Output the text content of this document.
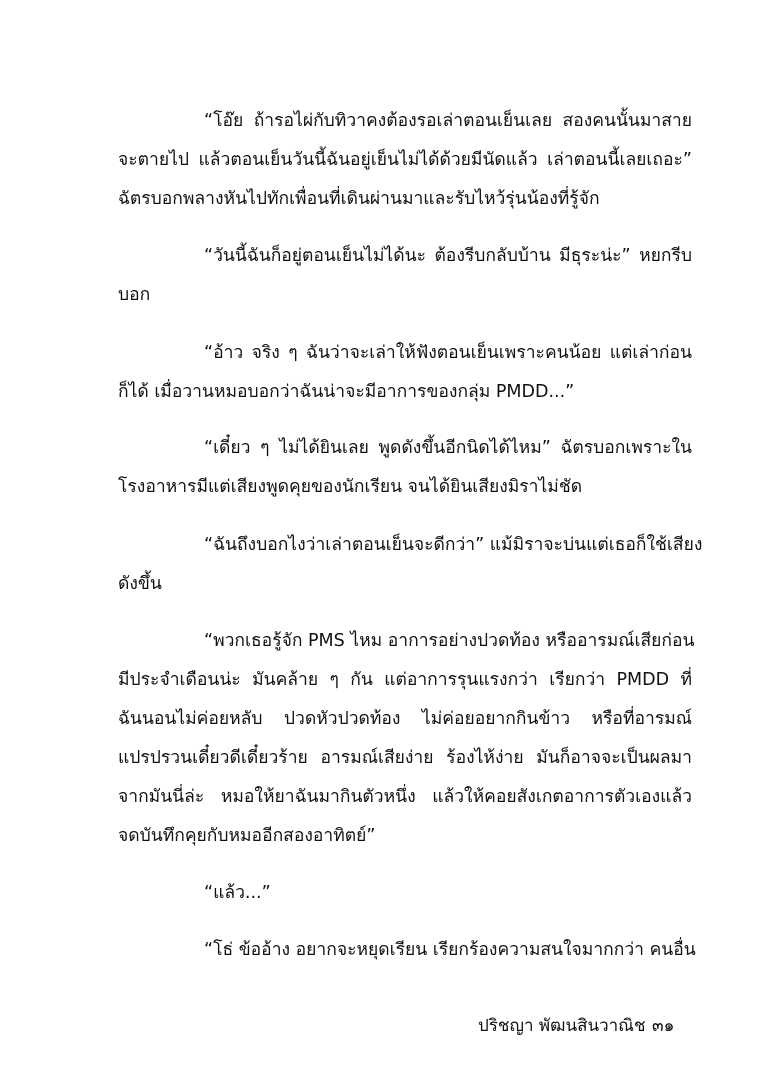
“โอ๊ย ถ้ารอไผ่กับทิวาคงต้องรอเล่าตอนเย็นเลย สองคนนั้นมาสาย

จะตายไป แล้วตอนเย็นวันนี้ฉันอยู่เย็นไม่ได้ด้วยมีนัดแล้ว เล่าตอนนี้เลยเถอะ”

ฉัตรบอกพลางหันไปทักเพื่อนที่เดินผ่านมาและรับไหว้รุ่นน้องที่รู้จัก

“วันนี้ฉันก็อยู่ตอนเย็นไม่ได้นะ ต้องรีบกลับบ้าน มีธุระน่ะ” หยกรีบ

บอก

“อ้าว จริง ๆ ฉันว่าจะเล่าให้ฟังตอนเย็นเพราะคนน้อย แต่เล่าก่อน

ก็ได้ เมื่อวานหมอบอกว่าฉันน่าจะมีอาการของกลุ่ม PMDD...”

“เดี๋ยว ๆ ไม่ได้ยินเลย พูดดังขึ้นอีกนิดได้ไหม” ฉัตรบอกเพราะใน

โรงอาหารมีแต่เสียงพูดคุยของนักเรียน จนได้ยินเสียงมิราไม่ชัด

“ฉันถึงบอกไงว่าเล่าตอนเย็นจะดีกว่า” แม้มิราจะบ่นแต่เธอก็ใช้เสียง

ดังขึ้น

“พวกเธอรู้จัก PMS ไหม อาการอย่างปวดท้อง หรืออารมณ์เสียก่อน

มีประจำเดือนน่ะ มันคล้าย ๆ กัน แต่อาการรุนแรงกว่า เรียกว่า PMDD ที่

ฉันนอนไม่ค่อยหลับ ปวดหัวปวดท้อง ไม่ค่อยอยากกินข้าว หรือที่อารมณ์

แปรปรวนเดี๋ยวดีเดี๋ยวร้าย อารมณ์เสียง่าย ร้องไห้ง่าย มันก็อาจจะเป็นผลมา

จากมันนี่ล่ะ หมอให้ยาฉันมากินตัวหนึ่ง แล้วให้คอยสังเกตอาการตัวเองแล้ว

จดบันทึกคุยกับหมออีกสองอาทิตย์”

“แล้ว...”

“โธ่ ข้ออ้าง อยากจะหยุดเรียน เรียกร้องความสนใจมากกว่า คนอื่น

ปริชญา พัฒนสินวาณิช ๓๑
